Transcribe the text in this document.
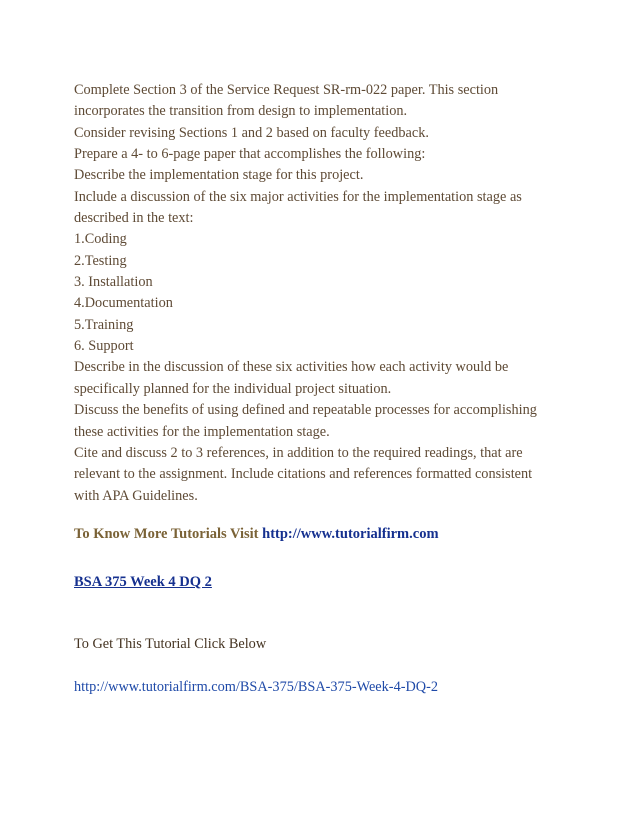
Complete Section 3 of the Service Request SR-rm-022 paper. This section
incorporates the transition from design to implementation.
Consider revising Sections 1 and 2 based on faculty feedback.
Prepare a 4- to 6-page paper that accomplishes the following:
Describe the implementation stage for this project.
Include a discussion of the six major activities for the implementation stage as
described in the text:
1.Coding
2.Testing
3. Installation
4.Documentation
5.Training
6. Support
Describe in the discussion of these six activities how each activity would be
specifically planned for the individual project situation.
Discuss the benefits of using defined and repeatable processes for accomplishing
these activities for the implementation stage.
Cite and discuss 2 to 3 references, in addition to the required readings, that are
relevant to the assignment. Include citations and references formatted consistent
with APA Guidelines.
To Know More Tutorials Visit http://www.tutorialfirm.com
BSA 375 Week 4 DQ 2
To Get This Tutorial Click Below
http://www.tutorialfirm.com/BSA-375/BSA-375-Week-4-DQ-2
